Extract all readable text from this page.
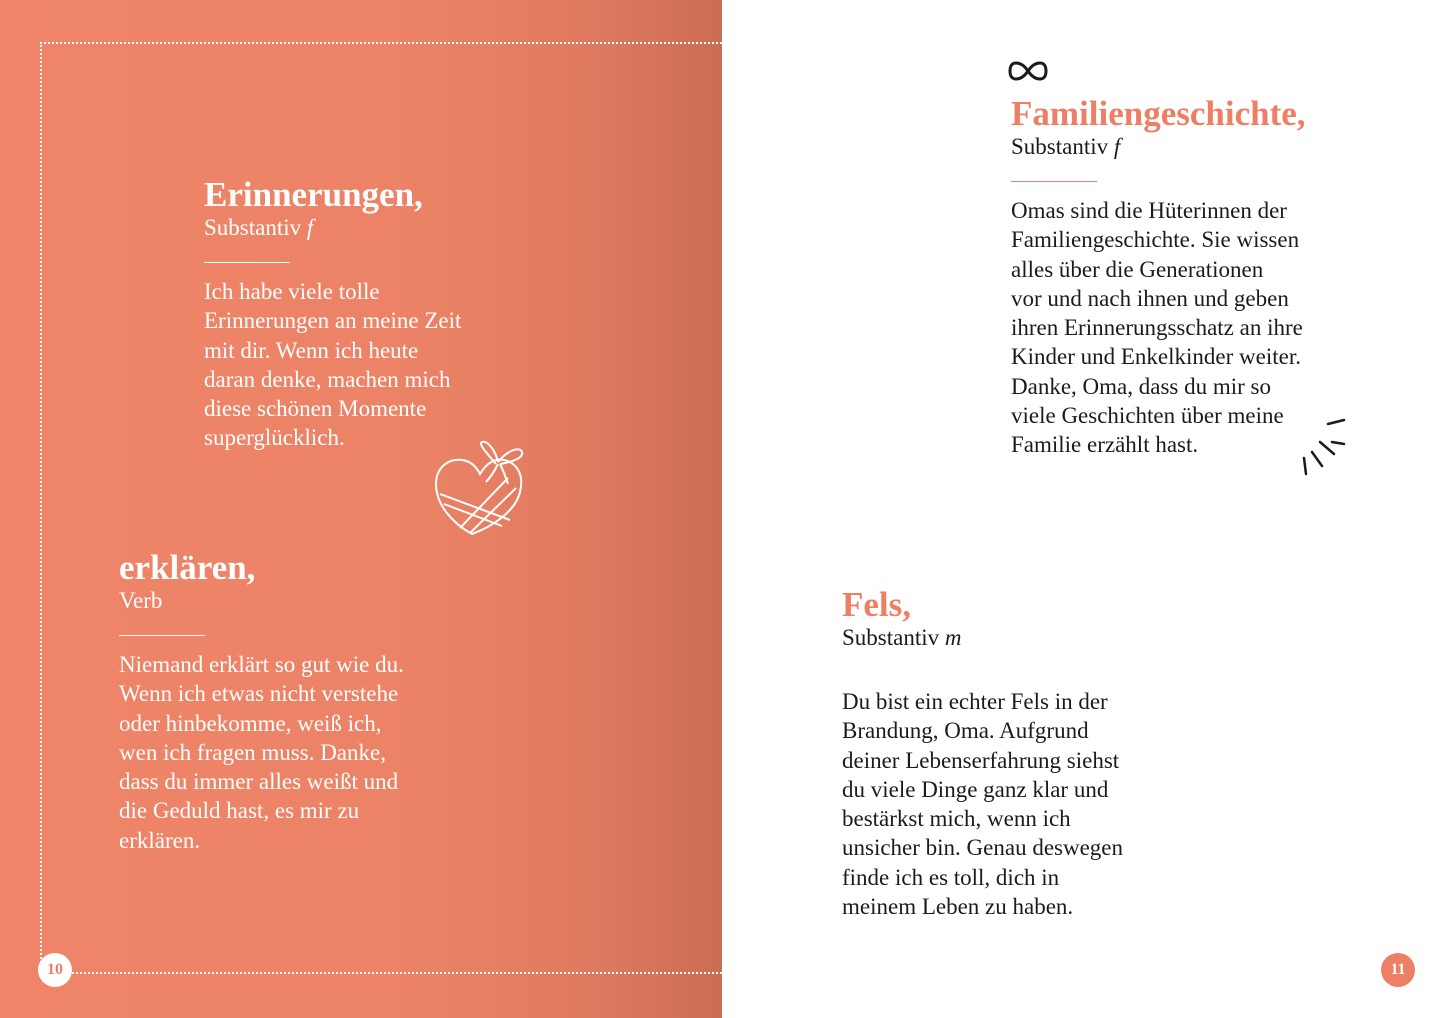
Erinnerungen,

Substantiv f

Ich habe viele tolle
Erinnerungen an meine Zeit
mit dir. Wenn ich heute
daran denke, machen mich
diese schönen Momente
superglücklich.

erklären,

Verb

Niemand erklärt so gut wie du.
Wenn ich etwas nicht verstehe
oder hinbekomme, weiß ich,
wen ich fragen muss. Danke,
dass du immer alles weißt und
die Geduld hast, es mir zu
erklären.

10

Familiengeschichte,

Substantiv f

Omas sind die Hüterinnen der
Familiengeschichte. Sie wissen
alles über die Generationen
vor und nach ihnen und geben
ihren Erinnerungsschatz an ihre
Kinder und Enkelkinder weiter.
Danke, Oma, dass du mir so
viele Geschichten über meine
Familie erzählt hast.

Fels,

Substantiv m

Du bist ein echter Fels in der
Brandung, Oma. Aufgrund
deiner Lebenserfahrung siehst
du viele Dinge ganz klar und
bestärkst mich, wenn ich
unsicher bin. Genau deswegen
finde ich es toll, dich in
meinem Leben zu haben.

11
